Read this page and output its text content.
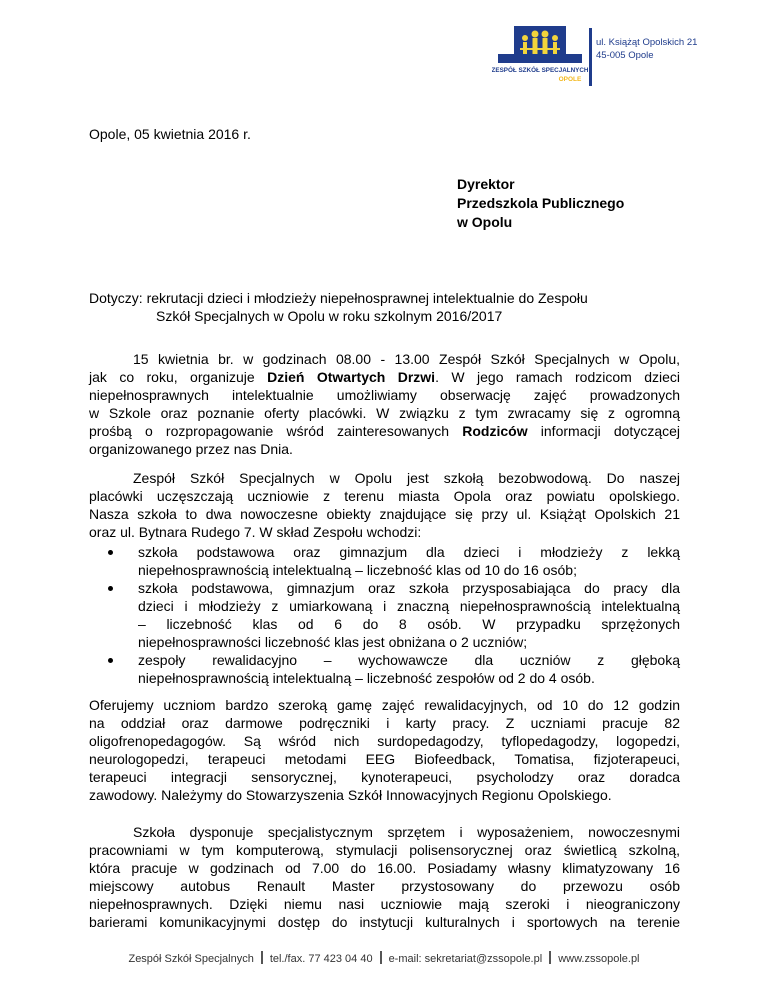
ZESPÓŁ SZKÓŁ SPECJALNYCH
OPOLE
ul. Książąt Opolskich 21
45-005 Opole
Opole, 05 kwietnia 2016 r.
Dyrektor
Przedszkola Publicznego
w Opolu
Dotyczy: rekrutacji dzieci i młodzieży niepełnosprawnej intelektualnie do Zespołu
Szkół Specjalnych w Opolu w roku szkolnym 2016/2017
15 kwietnia br. w godzinach 08.00 - 13.00 Zespół Szkół Specjalnych w Opolu,
jak co roku, organizuje Dzień Otwartych Drzwi. W jego ramach rodzicom dzieci
niepełnosprawnych intelektualnie umożliwiamy obserwację zajęć prowadzonych
w Szkole oraz poznanie oferty placówki. W związku z tym zwracamy się z ogromną
prośbą o rozpropagowanie wśród zainteresowanych Rodziców informacji dotyczącej
organizowanego przez nas Dnia.
Zespół Szkół Specjalnych w Opolu jest szkołą bezobwodową. Do naszej
placówki uczęszczają uczniowie z terenu miasta Opola oraz powiatu opolskiego.
Nasza szkoła to dwa nowoczesne obiekty znajdujące się przy ul. Książąt Opolskich 21
oraz ul. Bytnara Rudego 7. W skład Zespołu wchodzi:
szkoła podstawowa oraz gimnazjum dla dzieci i młodzieży z lekką
niepełnosprawnością intelektualną – liczebność klas od 10 do 16 osób;
szkoła podstawowa, gimnazjum oraz szkoła przysposabiająca do pracy dla
dzieci i młodzieży z umiarkowaną i znaczną niepełnosprawnością intelektualną
– liczebność klas od 6 do 8 osób. W przypadku sprzężonych
niepełnosprawności liczebność klas jest obniżana o 2 uczniów;
zespoły rewalidacyjno – wychowawcze dla uczniów z głęboką
niepełnosprawnością intelektualną – liczebność zespołów od 2 do 4 osób.
Oferujemy uczniom bardzo szeroką gamę zajęć rewalidacyjnych, od 10 do 12 godzin
na oddział oraz darmowe podręczniki i karty pracy. Z uczniami pracuje 82
oligofrenopedagogów. Są wśród nich surdopedagodzy, tyflopedagodzy, logopedzi,
neurologopedzi, terapeuci metodami EEG Biofeedback, Tomatisa, fizjoterapeuci,
terapeuci integracji sensorycznej, kynoterapeuci, psycholodzy oraz doradca
zawodowy. Należymy do Stowarzyszenia Szkół Innowacyjnych Regionu Opolskiego.
Szkoła dysponuje specjalistycznym sprzętem i wyposażeniem, nowoczesnymi
pracowniami w tym komputerową, stymulacji polisensorycznej oraz świetlicą szkolną,
która pracuje w godzinach od 7.00 do 16.00. Posiadamy własny klimatyzowany 16
miejscowy autobus Renault Master przystosowany do przewozu osób
niepełnosprawnych. Dzięki niemu nasi uczniowie mają szeroki i nieograniczony
barierami komunikacyjnymi dostęp do instytucji kulturalnych i sportowych na terenie
Zespół Szkół Specjalnych tel./fax. 77 423 04 40 e-mail: sekretariat@zssopole.pl www.zssopole.pl
